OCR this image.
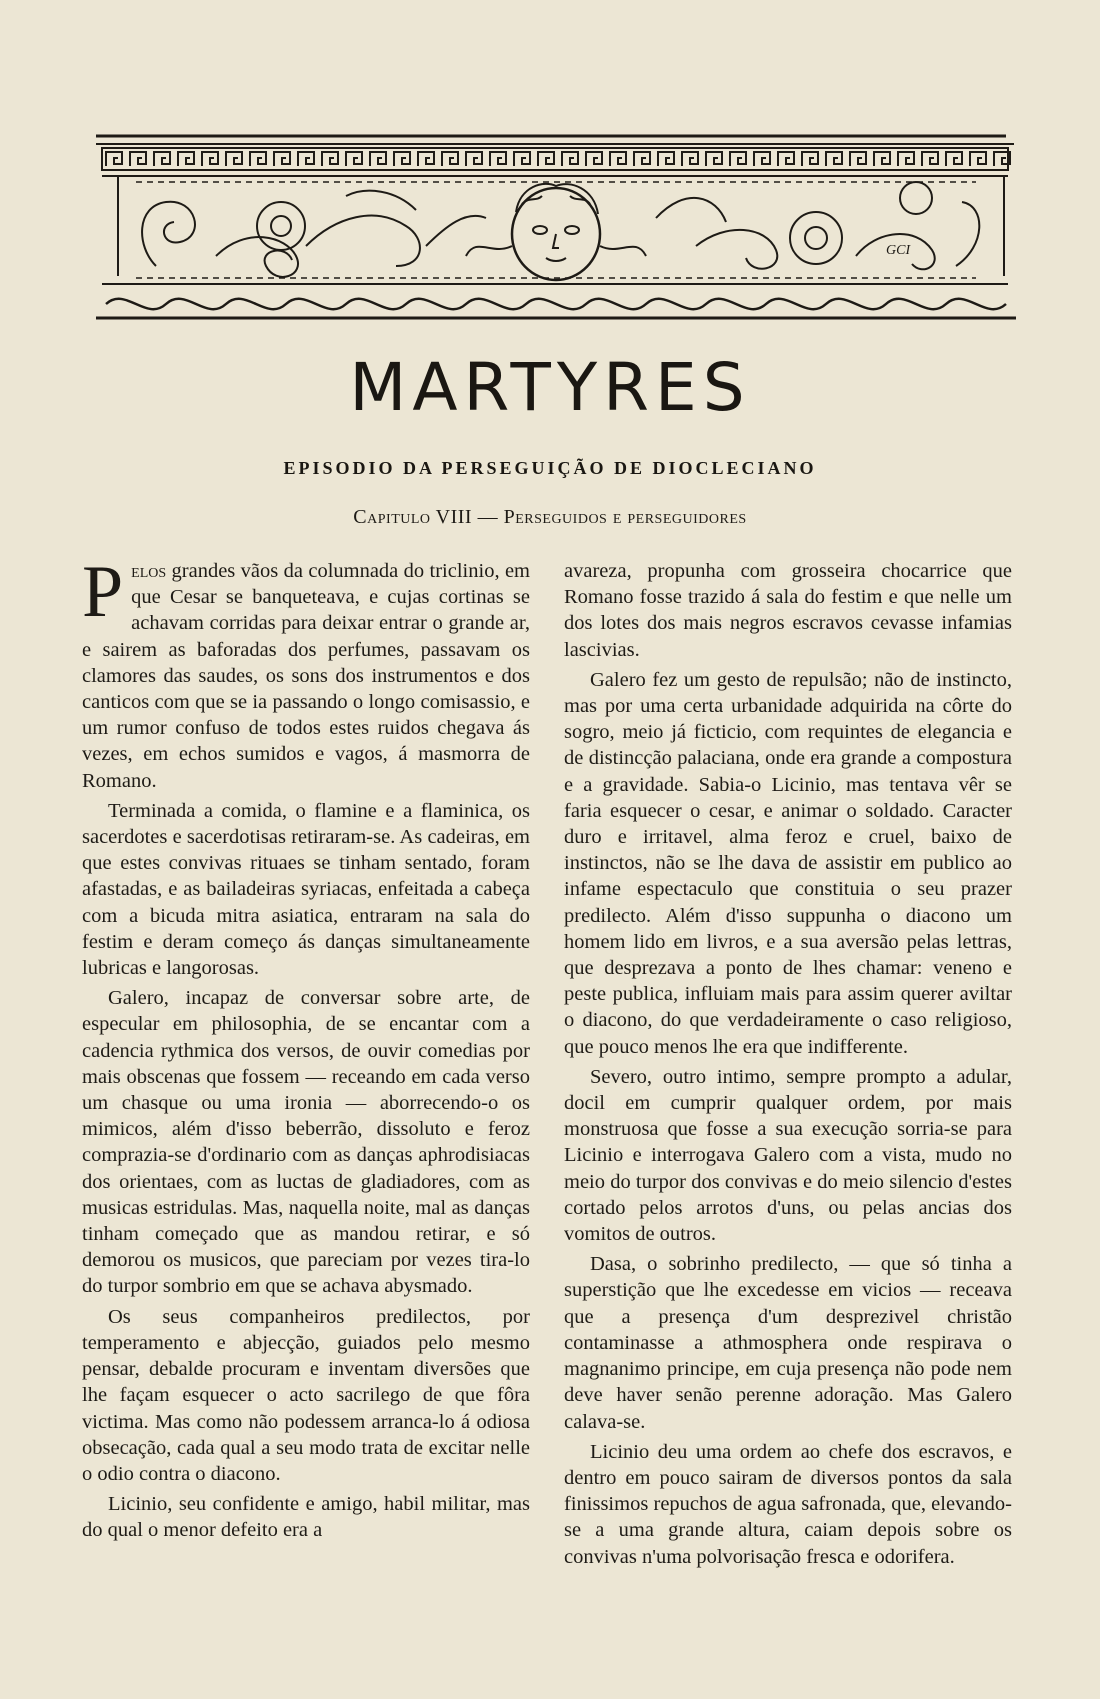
GCI
MARTYRES
EPISODIO DA PERSEGUIÇÃO DE DIOCLECIANO
Capitulo VIII — Perseguidos e perseguidores

Pelos grandes vãos da columnada do triclinio, em que Cesar se banqueteava, e cujas cortinas se achavam corridas para deixar entrar o grande ar, e sairem as baforadas dos perfumes, passavam os clamores das saudes, os sons dos instrumentos e dos canticos com que se ia passando o longo comisassio, e um rumor confuso de todos estes ruidos chegava ás vezes, em echos sumidos e vagos, á masmorra de Romano.

Terminada a comida, o flamine e a flaminica, os sacerdotes e sacerdotisas retiraram-se. As cadeiras, em que estes convivas rituaes se tinham sentado, foram afastadas, e as bailadeiras syriacas, enfeitada a cabeça com a bicuda mitra asiatica, entraram na sala do festim e deram começo ás danças simultaneamente lubricas e langorosas.

Galero, incapaz de conversar sobre arte, de especular em philosophia, de se encantar com a cadencia rythmica dos versos, de ouvir comedias por mais obscenas que fossem — receando em cada verso um chasque ou uma ironia — aborrecendo-o os mimicos, além d'isso beberrão, dissoluto e feroz comprazia-se d'ordinario com as danças aphrodisiacas dos orientaes, com as luctas de gladiadores, com as musicas estridulas. Mas, naquella noite, mal as danças tinham começado que as mandou retirar, e só demorou os musicos, que pareciam por vezes tira-lo do turpor sombrio em que se achava abysmado.

Os seus companheiros predilectos, por temperamento e abjecção, guiados pelo mesmo pensar, debalde procuram e inventam diversões que lhe façam esquecer o acto sacrilego de que fôra victima. Mas como não podessem arranca-lo á odiosa obsecação, cada qual a seu modo trata de excitar nelle o odio contra o diacono.

Licinio, seu confidente e amigo, habil militar, mas do qual o menor defeito era a

avareza, propunha com grosseira chocarrice que Romano fosse trazido á sala do festim e que nelle um dos lotes dos mais negros escravos cevasse infamias lascivias.

Galero fez um gesto de repulsão; não de instincto, mas por uma certa urbanidade adquirida na côrte do sogro, meio já ficticio, com requintes de elegancia e de distincção palaciana, onde era grande a compostura e a gravidade. Sabia-o Licinio, mas tentava vêr se faria esquecer o cesar, e animar o soldado. Caracter duro e irritavel, alma feroz e cruel, baixo de instinctos, não se lhe dava de assistir em publico ao infame espectaculo que constituia o seu prazer predilecto. Além d'isso suppunha o diacono um homem lido em livros, e a sua aversão pelas lettras, que desprezava a ponto de lhes chamar: veneno e peste publica, influiam mais para assim querer aviltar o diacono, do que verdadeiramente o caso religioso, que pouco menos lhe era que indifferente.

Severo, outro intimo, sempre prompto a adular, docil em cumprir qualquer ordem, por mais monstruosa que fosse a sua execução sorria-se para Licinio e interrogava Galero com a vista, mudo no meio do turpor dos convivas e do meio silencio d'estes cortado pelos arrotos d'uns, ou pelas ancias dos vomitos de outros.

Dasa, o sobrinho predilecto, — que só tinha a superstição que lhe excedesse em vicios — receava que a presença d'um desprezivel christão contaminasse a athmosphera onde respirava o magnanimo principe, em cuja presença não pode nem deve haver senão perenne adoração. Mas Galero calava-se.

Licinio deu uma ordem ao chefe dos escravos, e dentro em pouco sairam de diversos pontos da sala finissimos repuchos de agua safronada, que, elevando-se a uma grande altura, caiam depois sobre os convivas n'uma polvorisação fresca e odorifera.
